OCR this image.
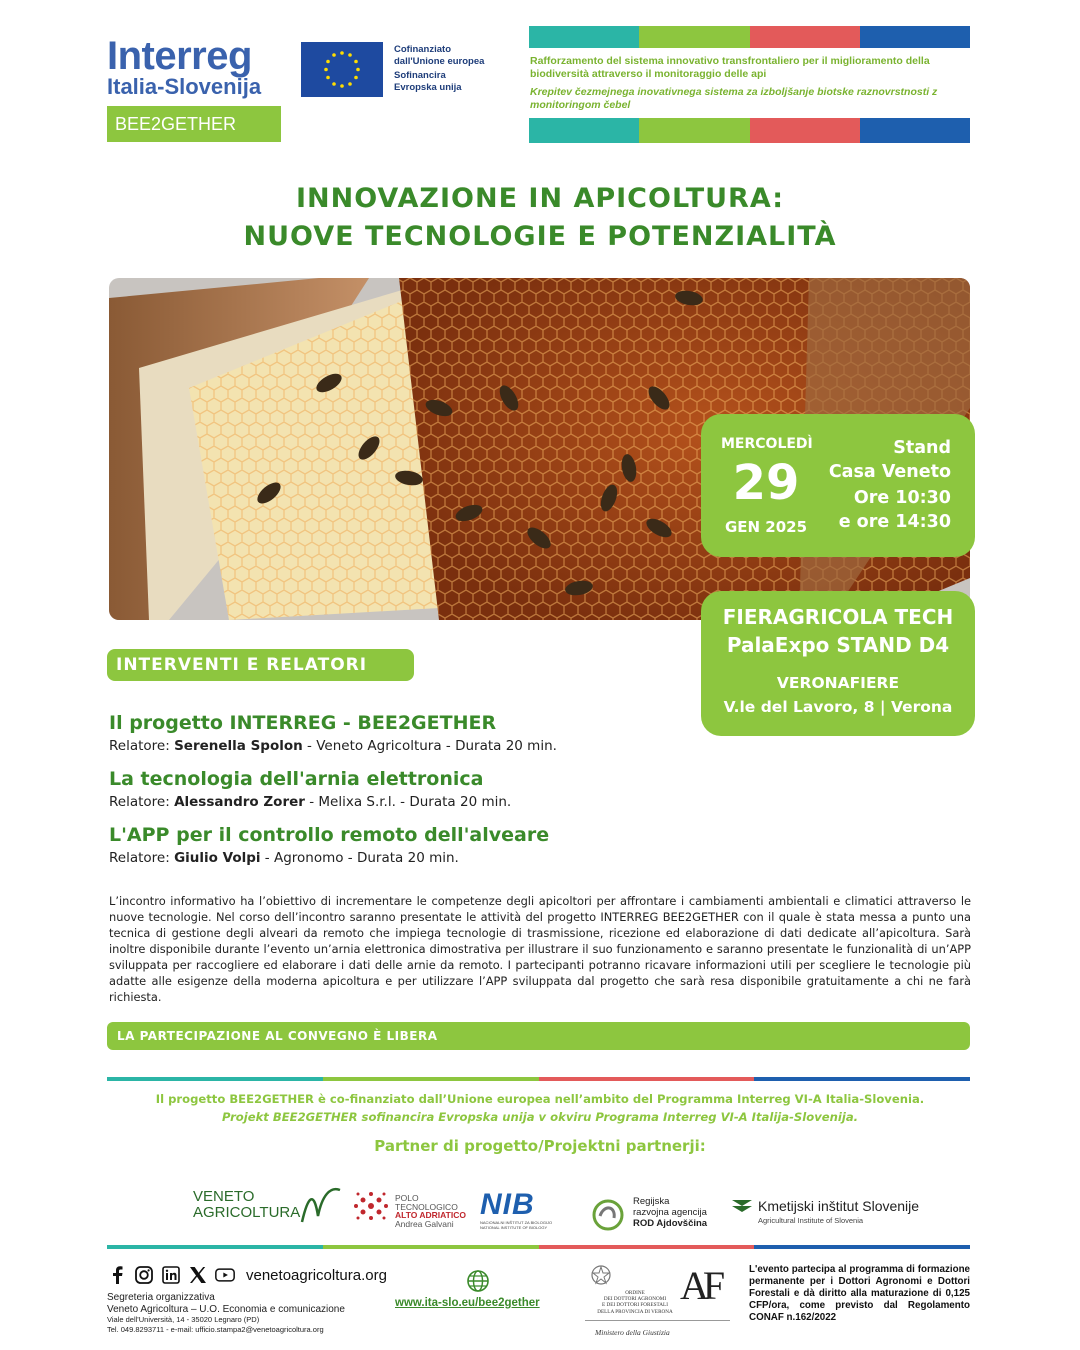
Interreg
Italia-Slovenija
BEE2GETHER
Cofinanziato
dall'Unione europea
Sofinancira
Evropska unija
Rafforzamento del sistema innovativo transfrontaliero per il miglioramento della biodiversità attraverso il monitoraggio delle api
Krepitev čezmejnega inovativnega sistema za izboljšanje biotske raznovrstnosti z monitoringom čebel
INNOVAZIONE IN APICOLTURA:
NUOVE TECNOLOGIE E POTENZIALITÀ
MERCOLEDÌ
29
GEN 2025
Stand
Casa Veneto
Ore 10:30
e ore 14:30
FIERAGRICOLA TECH
PalaExpo STAND D4
VERONAFIERE
V.le del Lavoro, 8 | Verona
INTERVENTI E RELATORI
Il progetto INTERREG - BEE2GETHER
Relatore: Serenella Spolon - Veneto Agricoltura - Durata 20 min.
La tecnologia dell'arnia elettronica
Relatore: Alessandro Zorer - Melixa S.r.l. - Durata 20 min.
L'APP per il controllo remoto dell'alveare
Relatore: Giulio Volpi - Agronomo - Durata 20 min.
L’incontro informativo ha l’obiettivo di incrementare le competenze degli apicoltori per affrontare i cambiamenti ambientali e climatici attraverso le nuove tecnologie. Nel corso dell’incontro saranno presentate le attività del progetto INTERREG BEE2GETHER con il quale è stata messa a punto una tecnica di gestione degli alveari da remoto che impiega tecnologie di trasmissione, ricezione ed elaborazione di dati dedicate all’apicoltura. Sarà inoltre disponibile durante l’evento un’arnia elettronica dimostrativa per illustrare il suo funzionamento e saranno presentate le funzionalità di un’APP sviluppata per raccogliere ed elaborare i dati delle arnie da remoto. I partecipanti potranno ricavare informazioni utili per scegliere le tecnologie più adatte alle esigenze della moderna apicoltura e per utilizzare l’APP sviluppata dal progetto che sarà resa disponibile gratuitamente a chi ne farà richiesta.
LA PARTECIPAZIONE AL CONVEGNO È LIBERA
Il progetto BEE2GETHER è co-finanziato dall’Unione europea nell’ambito del Programma Interreg VI-A Italia-Slovenia.
Projekt BEE2GETHER sofinancira Evropska unija v okviru Programa Interreg VI-A Italija-Slovenija.
Partner di progetto/Projektni partnerji:
VENETO
AGRICOLTURA
POLO
TECNOLOGICO
ALTO ADRIATICO
Andrea Galvani
NIB
NACIONALNI INŠTITUT ZA BIOLOGIJO
NATIONAL INSTITUTE OF BIOLOGY
Regijska
razvojna agencija
ROD Ajdovščina
Kmetijski inštitut Slovenije
Agricultural Institute of Slovenia
venetoagricoltura.org
Segreteria organizzativa
Veneto Agricoltura – U.O. Economia e comunicazione
Viale dell'Università, 14 - 35020 Legnaro (PD)
Tel. 049.8293711 - e-mail: ufficio.stampa2@venetoagricoltura.org
www.ita-slo.eu/bee2gether
ORDINE
DEI DOTTORI AGRONOMI
E DEI DOTTORI FORESTALI
DELLA PROVINCIA DI VERONA
AF
Ministero della Giustizia
L'evento partecipa al programma di formazione permanente per i Dottori Agronomi e Dottori Forestali e dà diritto alla maturazione di 0,125 CFP/ora, come previsto dal Regolamento CONAF n.162/2022
